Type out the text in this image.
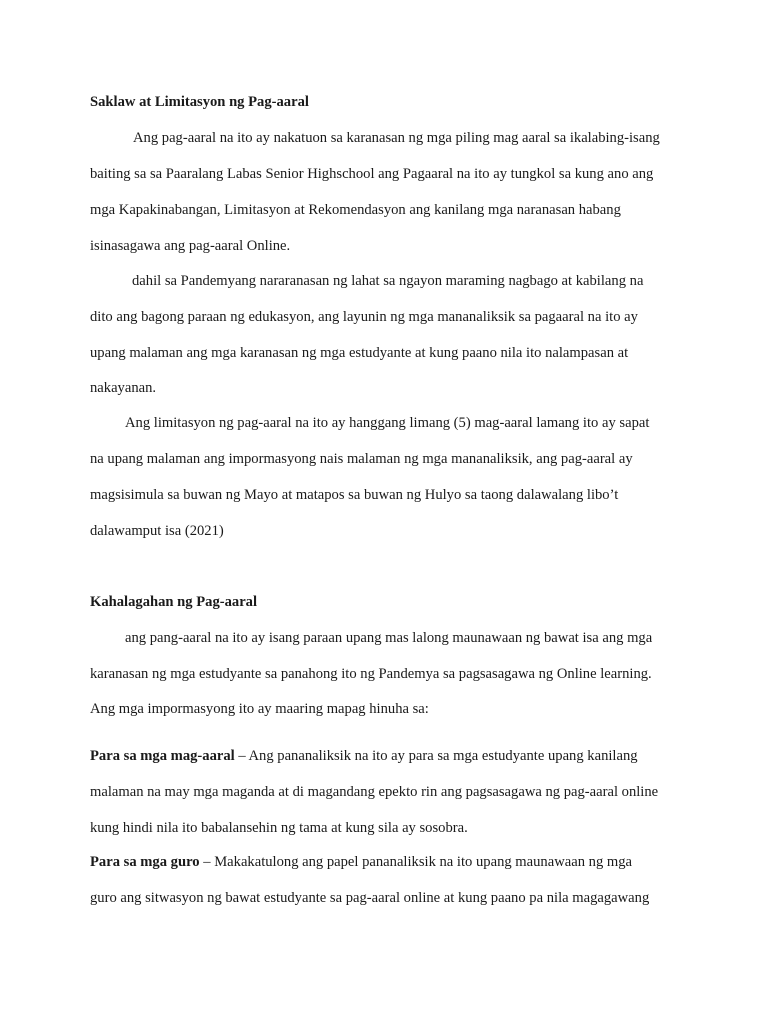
Saklaw at Limitasyon ng Pag-aaral
Ang pag-aaral na ito ay nakatuon sa karanasan ng mga piling mag aaral sa ikalabing-isang
baiting sa sa Paaralang Labas Senior Highschool ang Pagaaral na ito ay tungkol sa kung ano ang
mga Kapakinabangan, Limitasyon at Rekomendasyon ang kanilang mga naranasan habang
isinasagawa ang pag-aaral Online.
dahil sa Pandemyang nararanasan ng lahat sa ngayon maraming nagbago at kabilang na
dito ang bagong paraan ng edukasyon, ang layunin ng mga mananaliksik sa pagaaral na ito ay
upang malaman ang mga karanasan ng mga estudyante at kung paano nila ito nalampasan at
nakayanan.
Ang limitasyon ng pag-aaral na ito ay hanggang limang (5) mag-aaral lamang ito ay sapat
na upang malaman ang impormasyong nais malaman ng mga mananaliksik, ang pag-aaral ay
magsisimula sa buwan ng Mayo at matapos sa buwan ng Hulyo sa taong dalawalang libo’t
dalawamput isa (2021)
Kahalagahan ng Pag-aaral
ang pang-aaral na ito ay isang paraan upang mas lalong maunawaan ng bawat isa ang mga
karanasan ng mga estudyante sa panahong ito ng Pandemya sa pagsasagawa ng Online learning.
Ang mga impormasyong ito ay maaring mapag hinuha sa:
Para sa mga mag-aaral – Ang pananaliksik na ito ay para sa mga estudyante upang kanilang
malaman na may mga maganda at di magandang epekto rin ang pagsasagawa ng pag-aaral online
kung hindi nila ito babalansehin ng tama at kung sila ay sosobra.
Para sa mga guro – Makakatulong ang papel pananaliksik na ito upang maunawaan ng mga
guro ang sitwasyon ng bawat estudyante sa pag-aaral online at kung paano pa nila magagawang
